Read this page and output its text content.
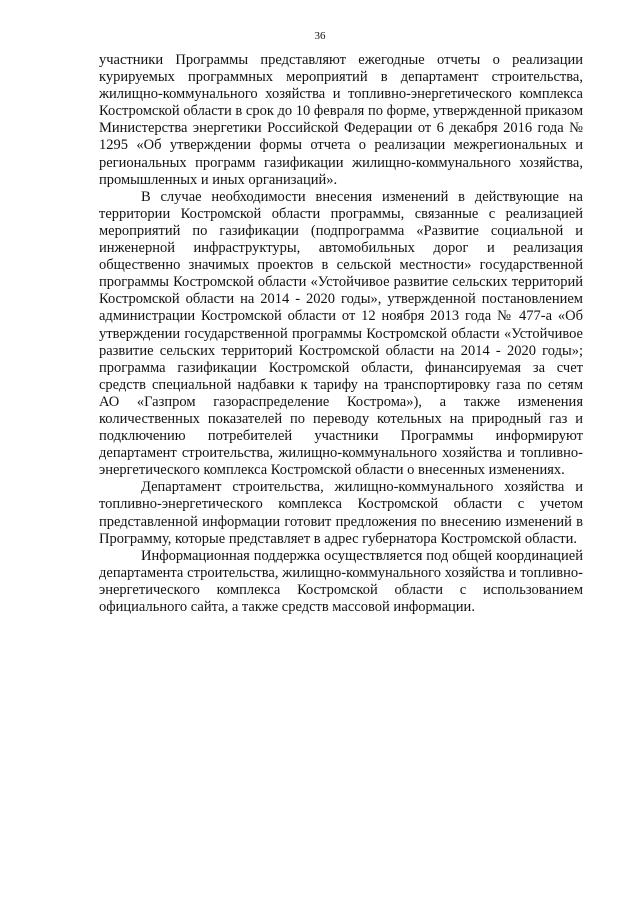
36

участники Программы представляют ежегодные отчеты о реализации курируемых программных мероприятий в департамент строительства, жилищно-коммунального хозяйства и топливно-энергетического комплекса Костромской области в срок до 10 февраля по форме, утвержденной приказом Министерства энергетики Российской Федерации от 6 декабря 2016 года № 1295 «Об утверждении формы отчета о реализации межрегиональных и региональных программ газификации жилищно-коммунального хозяйства, промышленных и иных организаций».

В случае необходимости внесения изменений в действующие на территории Костромской области программы, связанные с реализацией мероприятий по газификации (подпрограмма «Развитие социальной и инженерной инфраструктуры, автомобильных дорог и реализация общественно значимых проектов в сельской местности» государственной программы Костромской области «Устойчивое развитие сельских территорий Костромской области на 2014 - 2020 годы», утвержденной постановлением администрации Костромской области от 12 ноября 2013 года № 477-а «Об утверждении государственной программы Костромской области «Устойчивое развитие сельских территорий Костромской области на 2014 - 2020 годы»; программа газификации Костромской области, финансируемая за счет средств специальной надбавки к тарифу на транспортировку газа по сетям АО «Газпром газораспределение Кострома»), а также изменения количественных показателей по переводу котельных на природный газ и подключению потребителей участники Программы информируют департамент строительства, жилищно-коммунального хозяйства и топливно-энергетического комплекса Костромской области о внесенных изменениях.

Департамент строительства, жилищно-коммунального хозяйства и топливно-энергетического комплекса Костромской области с учетом представленной информации готовит предложения по внесению изменений в Программу, которые представляет в адрес губернатора Костромской области.

Информационная поддержка осуществляется под общей координацией департамента строительства, жилищно-коммунального хозяйства и топливно-энергетического комплекса Костромской области с использованием официального сайта, а также средств массовой информации.
